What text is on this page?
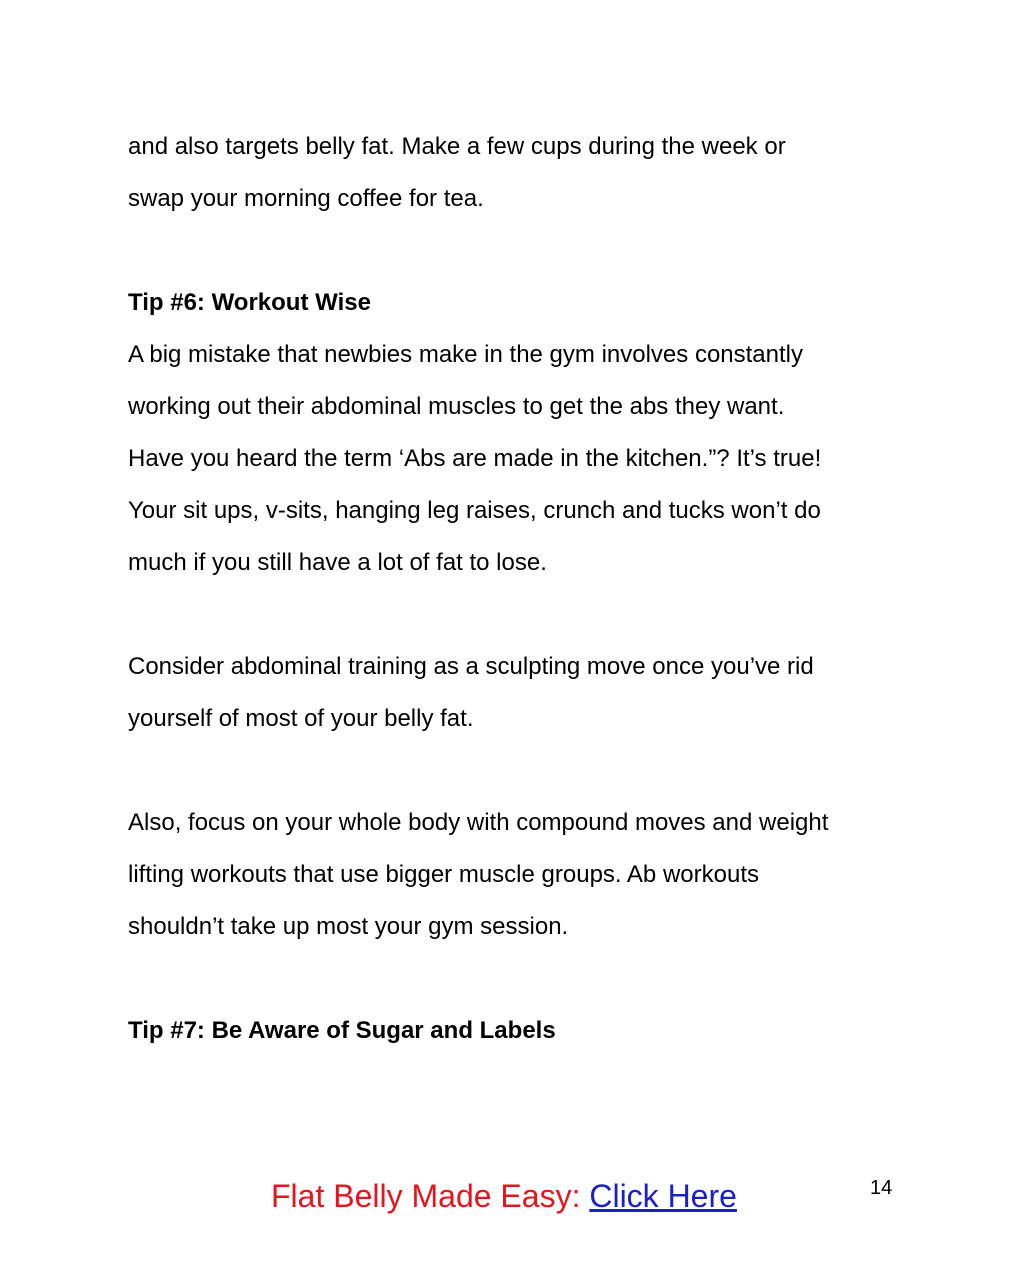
and also targets belly fat. Make a few cups during the week or
swap your morning coffee for tea.

Tip #6: Workout Wise

A big mistake that newbies make in the gym involves constantly
working out their abdominal muscles to get the abs they want.
Have you heard the term ‘Abs are made in the kitchen.”? It’s true!
Your sit ups, v-sits, hanging leg raises, crunch and tucks won’t do
much if you still have a lot of fat to lose.

Consider abdominal training as a sculpting move once you’ve rid
yourself of most of your belly fat.

Also, focus on your whole body with compound moves and weight
lifting workouts that use bigger muscle groups. Ab workouts
shouldn’t take up most your gym session.

Tip #7: Be Aware of Sugar and Labels

Flat Belly Made Easy: Click Here	14
